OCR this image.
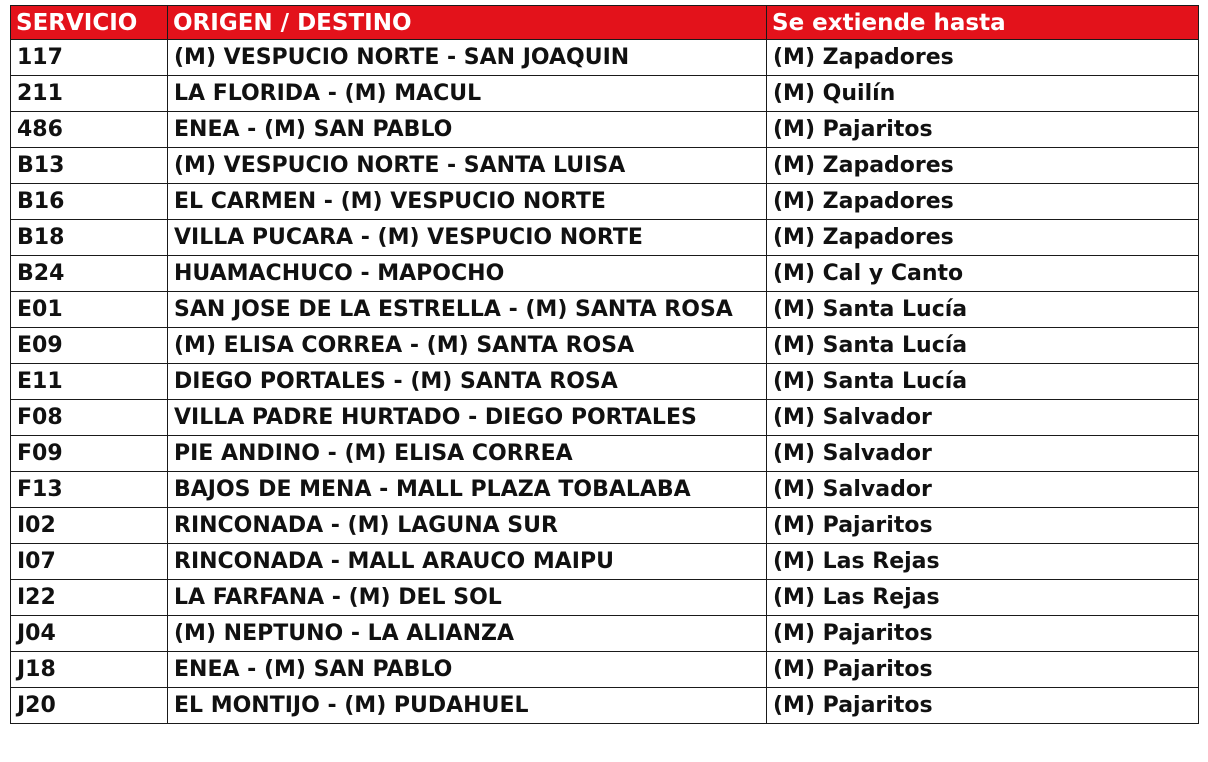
SERVICIO	ORIGEN / DESTINO	Se extiende hasta
117	(M) VESPUCIO NORTE - SAN JOAQUIN	(M) Zapadores
211	LA FLORIDA - (M) MACUL	(M) Quilín
486	ENEA - (M) SAN PABLO	(M) Pajaritos
B13	(M) VESPUCIO NORTE - SANTA LUISA	(M) Zapadores
B16	EL CARMEN - (M) VESPUCIO NORTE	(M) Zapadores
B18	VILLA PUCARA - (M) VESPUCIO NORTE	(M) Zapadores
B24	HUAMACHUCO - MAPOCHO	(M) Cal y Canto
E01	SAN JOSE DE LA ESTRELLA - (M) SANTA ROSA	(M) Santa Lucía
E09	(M) ELISA CORREA - (M) SANTA ROSA	(M) Santa Lucía
E11	DIEGO PORTALES - (M) SANTA ROSA	(M) Santa Lucía
F08	VILLA PADRE HURTADO - DIEGO PORTALES	(M) Salvador
F09	PIE ANDINO - (M) ELISA CORREA	(M) Salvador
F13	BAJOS DE MENA - MALL PLAZA TOBALABA	(M) Salvador
I02	RINCONADA - (M) LAGUNA SUR	(M) Pajaritos
I07	RINCONADA - MALL ARAUCO MAIPU	(M) Las Rejas
I22	LA FARFANA - (M) DEL SOL	(M) Las Rejas
J04	(M) NEPTUNO - LA ALIANZA	(M) Pajaritos
J18	ENEA - (M) SAN PABLO	(M) Pajaritos
J20	EL MONTIJO - (M) PUDAHUEL	(M) Pajaritos
